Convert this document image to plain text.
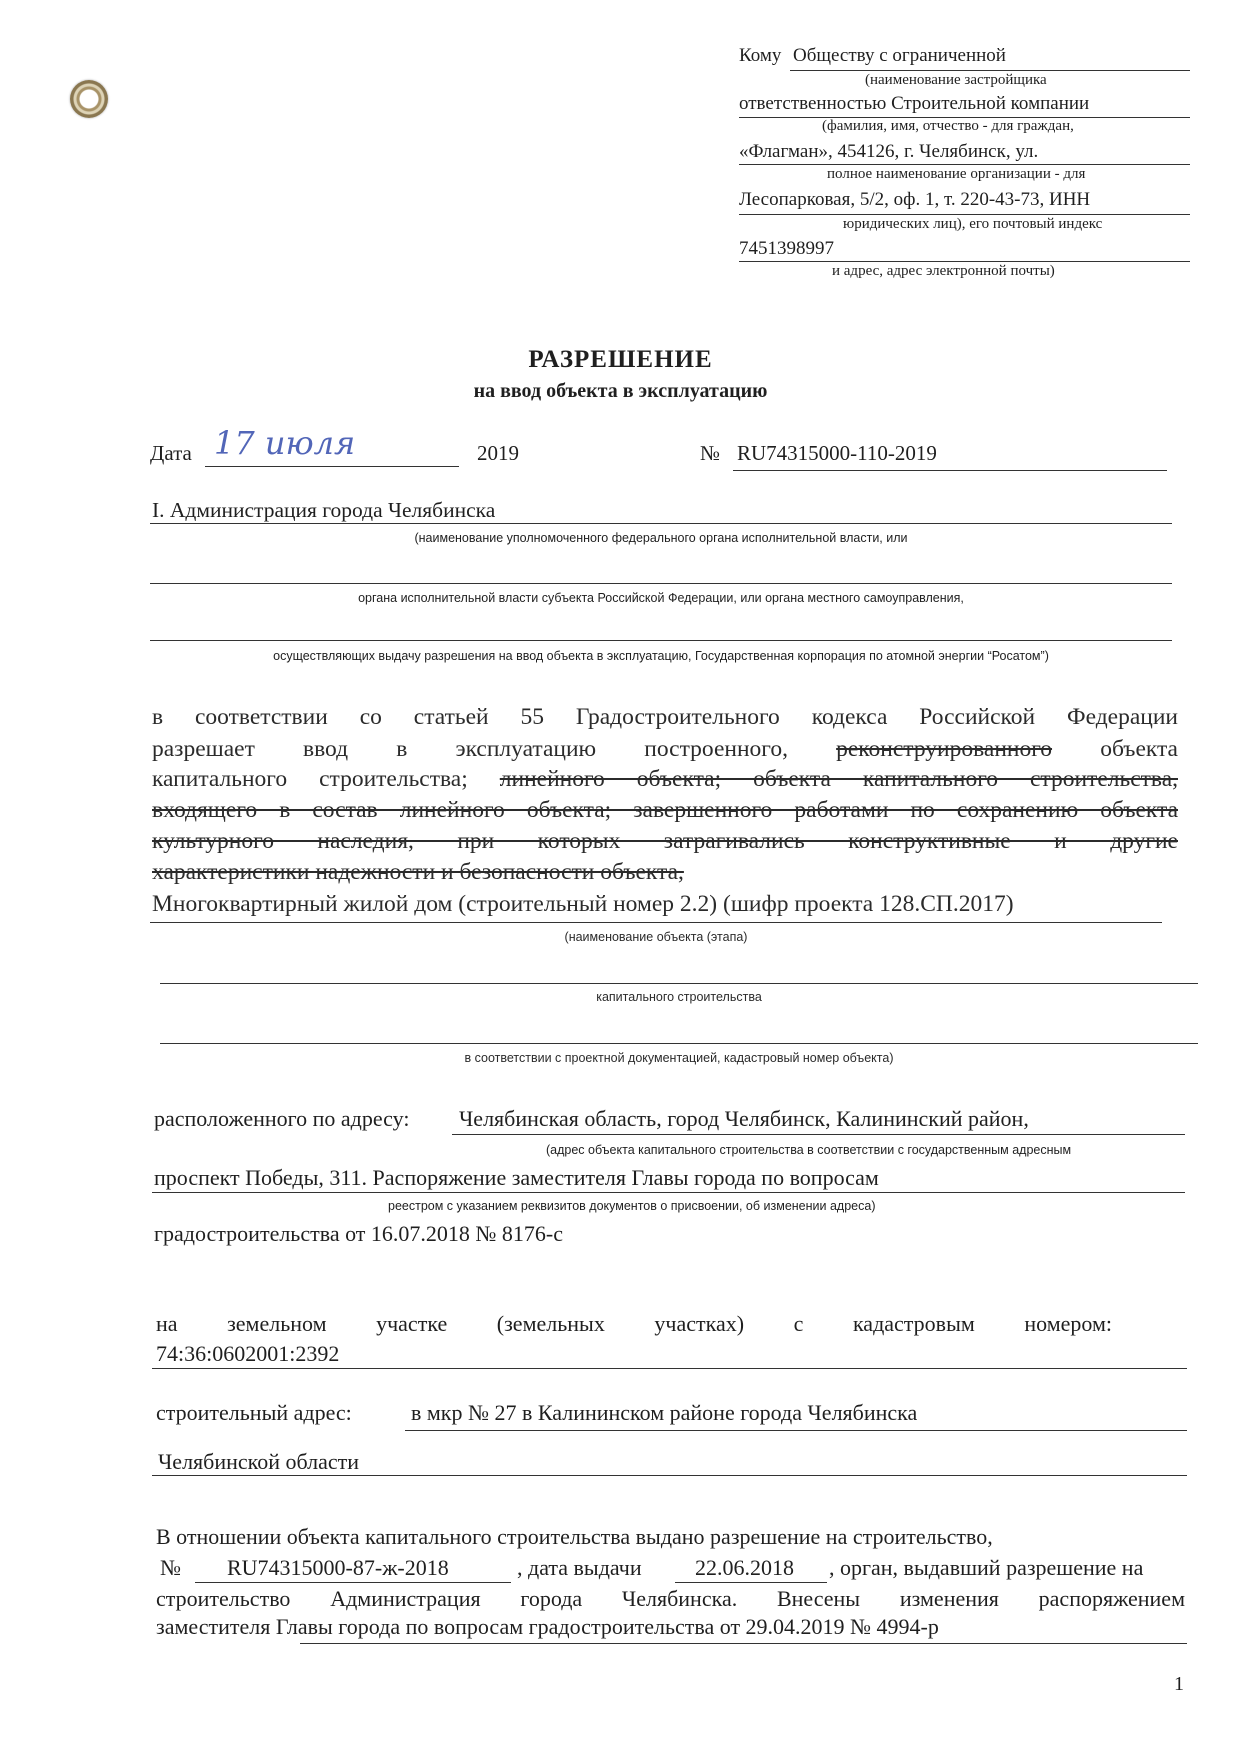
Кому Обществу с ограниченной
(наименование застройщика
ответственностью Строительной компании
(фамилия, имя, отчество - для граждан,
«Флагман», 454126, г. Челябинск, ул.
полное наименование организации - для
Лесопарковая, 5/2, оф. 1, т. 220-43-73, ИНН
юридических лиц), его почтовый индекс
7451398997
и адрес, адрес электронной почты)
РАЗРЕШЕНИЕ
на ввод объекта в эксплуатацию
Дата 17 июля	2019	№ RU74315000-110-2019
I. Администрация города Челябинска
(наименование уполномоченного федерального органа исполнительной власти, или
органа исполнительной власти субъекта Российской Федерации, или органа местного самоуправления,
осуществляющих выдачу разрешения на ввод объекта в эксплуатацию, Государственная корпорация по атомной энергии “Росатом”)
в соответствии со статьей 55 Градостроительного кодекса Российской Федерации
разрешает ввод в эксплуатацию построенного, реконструированного объекта
капитального строительства; линейного объекта; объекта капитального строительства,
входящего в состав линейного объекта; завершенного работами по сохранению объекта
культурного наследия, при которых затрагивались конструктивные и другие
характеристики надежности и безопасности объекта,
Многоквартирный жилой дом (строительный номер 2.2) (шифр проекта 128.СП.2017)
(наименование объекта (этапа)
капитального строительства
в соответствии с проектной документацией, кадастровый номер объекта)
расположенного по адресу: Челябинская область, город Челябинск, Калининский район,
(адрес объекта капитального строительства в соответствии с государственным адресным
проспект Победы, 311. Распоряжение заместителя Главы города по вопросам
реестром с указанием реквизитов документов о присвоении, об изменении адреса)
градостроительства от 16.07.2018 № 8176-с
на земельном участке (земельных участках) с кадастровым номером:
74:36:0602001:2392
строительный адрес:	в мкр № 27 в Калининском районе города Челябинска
Челябинской области
В отношении объекта капитального строительства выдано разрешение на строительство,
№ RU74315000-87-ж-2018	, дата выдачи 22.06.2018 , орган, выдавший разрешение на
строительство Администрация города Челябинска. Внесены изменения распоряжением
заместителя Главы города по вопросам градостроительства от 29.04.2019 № 4994-р
1
